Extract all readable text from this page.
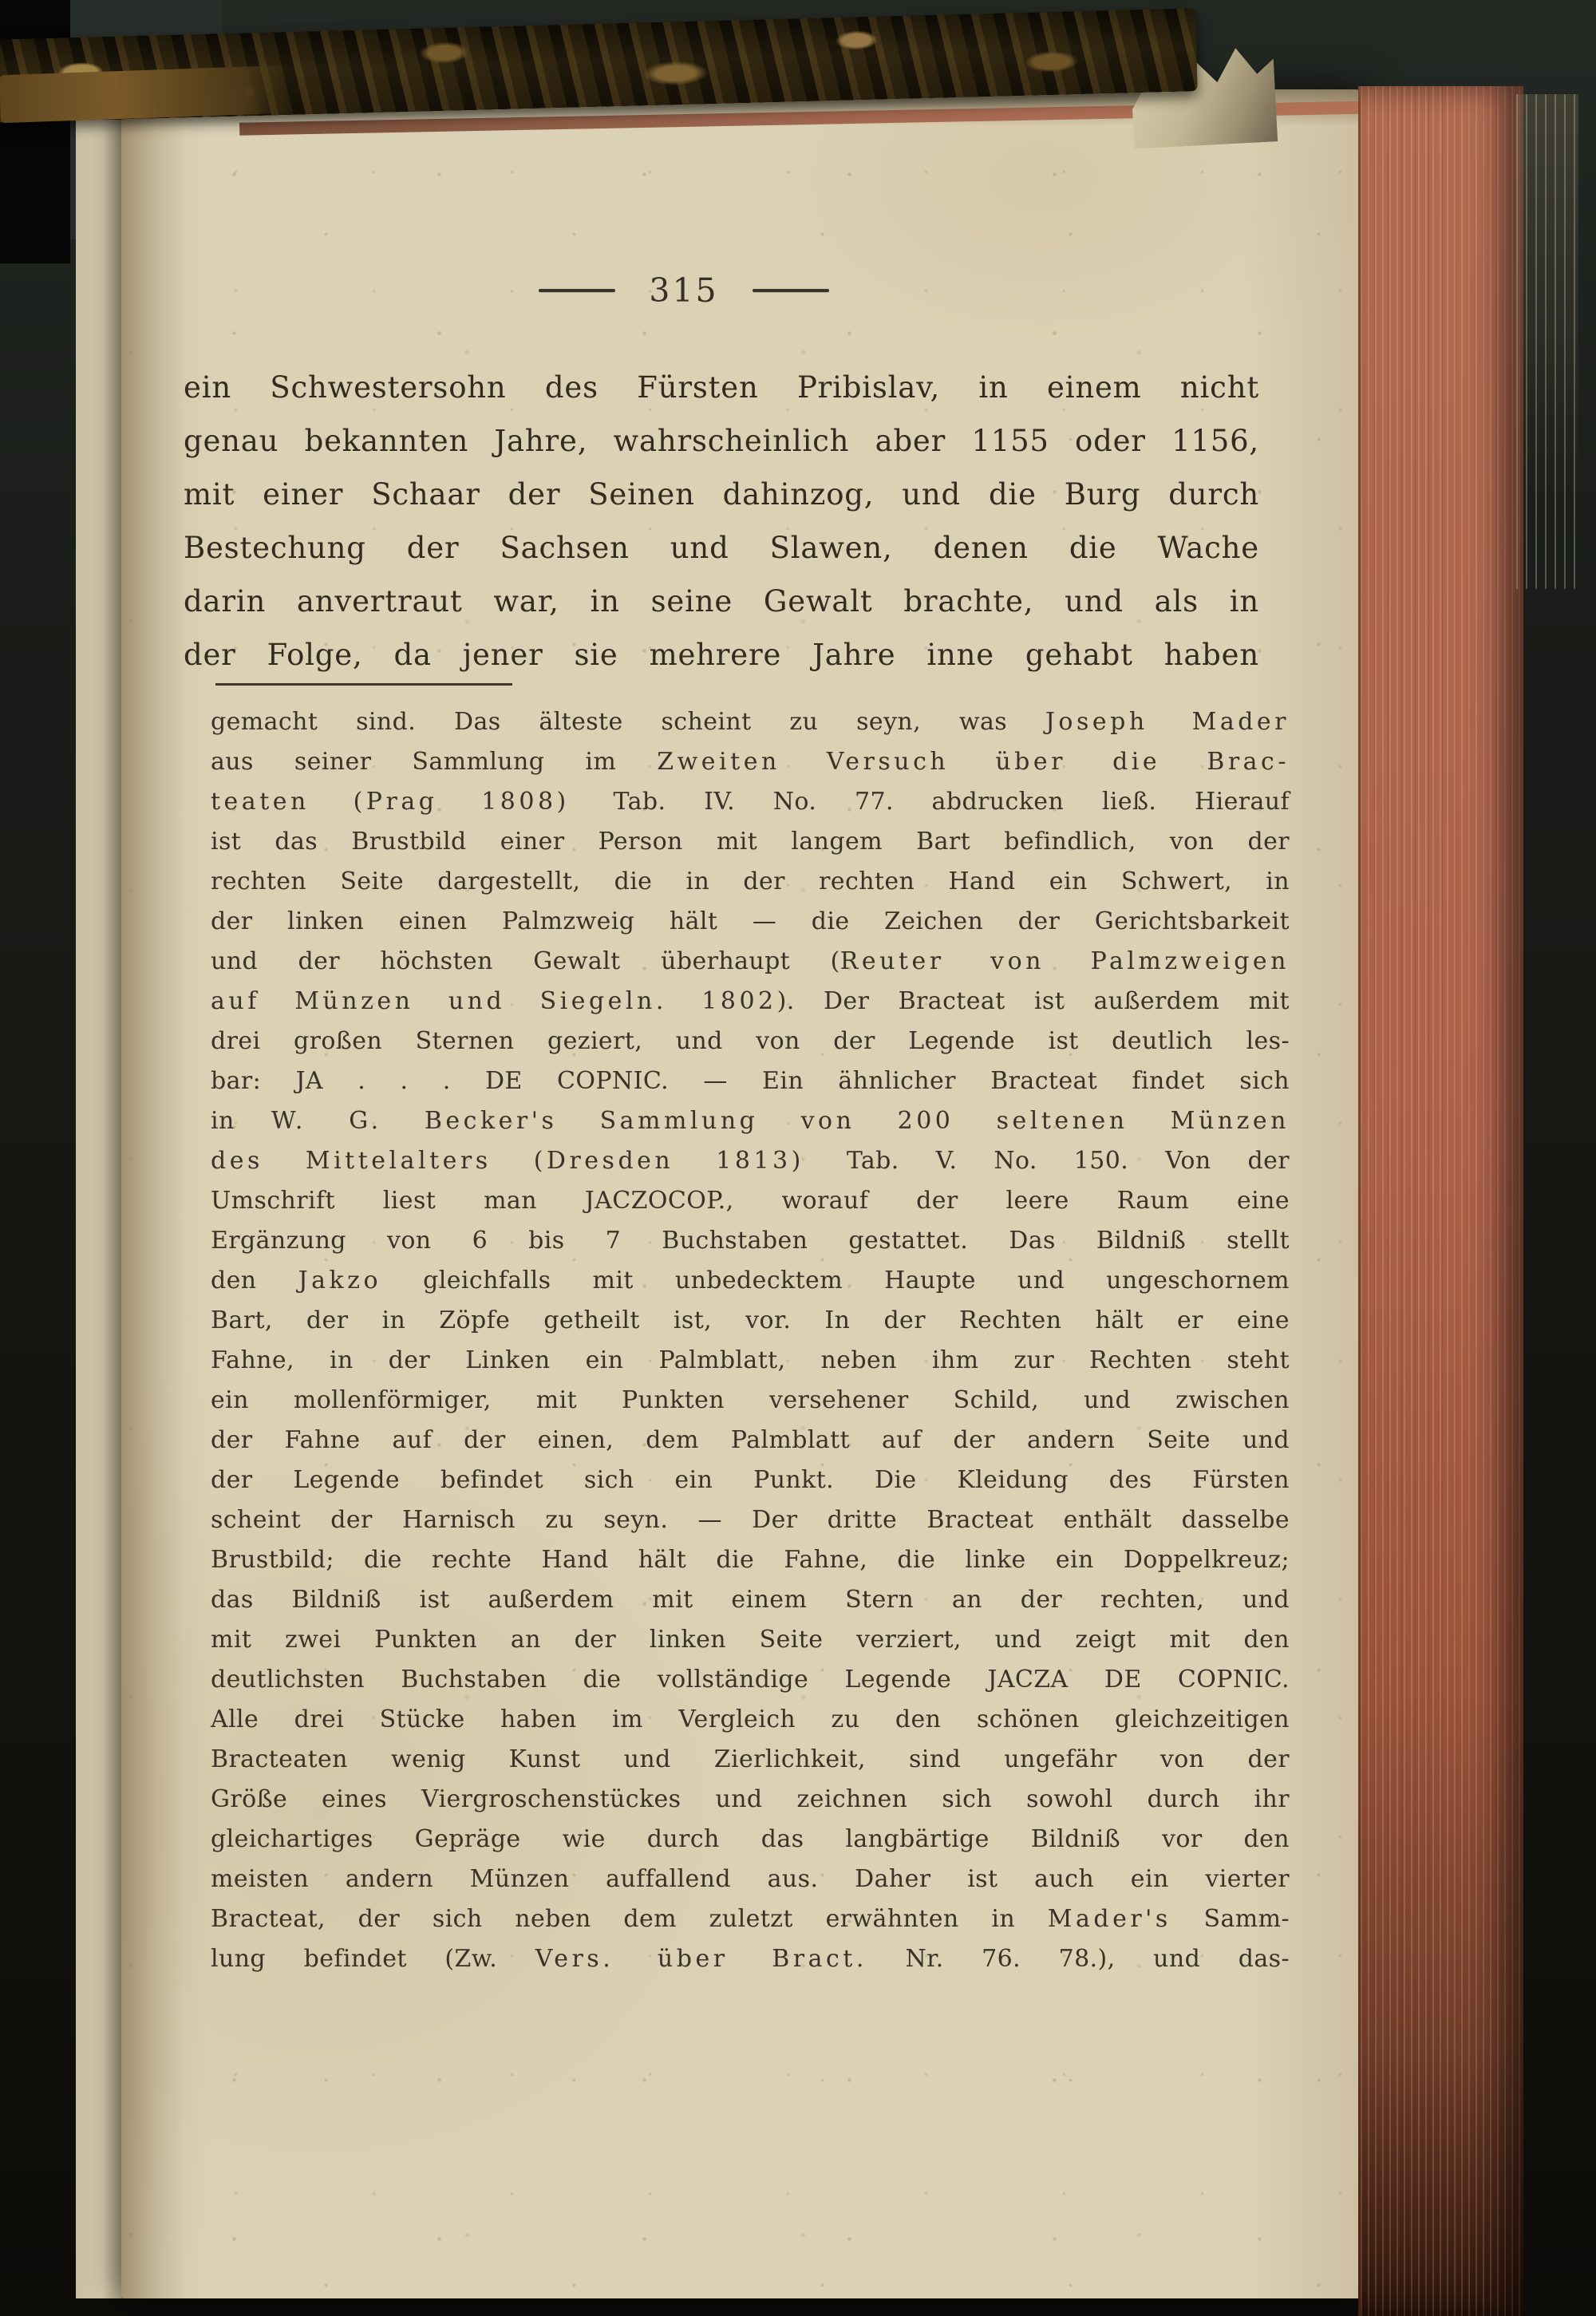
315
ein Schwestersohn des Fürsten Pribislav, in einem nicht
genau bekannten Jahre, wahrscheinlich aber 1155 oder 1156,
mit einer Schaar der Seinen dahinzog, und die Burg durch
Bestechung der Sachsen und Slawen, denen die Wache
darin anvertraut war, in seine Gewalt brachte, und als in
der Folge, da jener sie mehrere Jahre inne gehabt haben
gemacht sind. Das älteste scheint zu seyn, was Joseph Mader
aus seiner Sammlung im Zweiten Versuch über die Brac-
teaten (Prag 1808) Tab. IV. No. 77. abdrucken ließ. Hierauf
ist das Brustbild einer Person mit langem Bart befindlich, von der
rechten Seite dargestellt, die in der rechten Hand ein Schwert, in
der linken einen Palmzweig hält — die Zeichen der Gerichtsbarkeit
und der höchsten Gewalt überhaupt (Reuter von Palmzweigen
auf Münzen und Siegeln. 1802). Der Bracteat ist außerdem mit
drei großen Sternen geziert, und von der Legende ist deutlich les-
bar: JA . . . DE COPNIC. — Ein ähnlicher Bracteat findet sich
in W. G. Becker's Sammlung von 200 seltenen Münzen
des Mittelalters (Dresden 1813) Tab. V. No. 150. Von der
Umschrift liest man JACZOCOP., worauf der leere Raum eine
Ergänzung von 6 bis 7 Buchstaben gestattet. Das Bildniß stellt
den Jakzo gleichfalls mit unbedecktem Haupte und ungeschornem
Bart, der in Zöpfe getheilt ist, vor. In der Rechten hält er eine
Fahne, in der Linken ein Palmblatt, neben ihm zur Rechten steht
ein mollenförmiger, mit Punkten versehener Schild, und zwischen
der Fahne auf der einen, dem Palmblatt auf der andern Seite und
der Legende befindet sich ein Punkt. Die Kleidung des Fürsten
scheint der Harnisch zu seyn. — Der dritte Bracteat enthält dasselbe
Brustbild; die rechte Hand hält die Fahne, die linke ein Doppelkreuz;
das Bildniß ist außerdem mit einem Stern an der rechten, und
mit zwei Punkten an der linken Seite verziert, und zeigt mit den
deutlichsten Buchstaben die vollständige Legende JACZA DE COPNIC.
Alle drei Stücke haben im Vergleich zu den schönen gleichzeitigen
Bracteaten wenig Kunst und Zierlichkeit, sind ungefähr von der
Größe eines Viergroschenstückes und zeichnen sich sowohl durch ihr
gleichartiges Gepräge wie durch das langbärtige Bildniß vor den
meisten andern Münzen auffallend aus. Daher ist auch ein vierter
Bracteat, der sich neben dem zuletzt erwähnten in Mader's Samm-
lung befindet (Zw. Vers. über Bract. Nr. 76. 78.), und das-
